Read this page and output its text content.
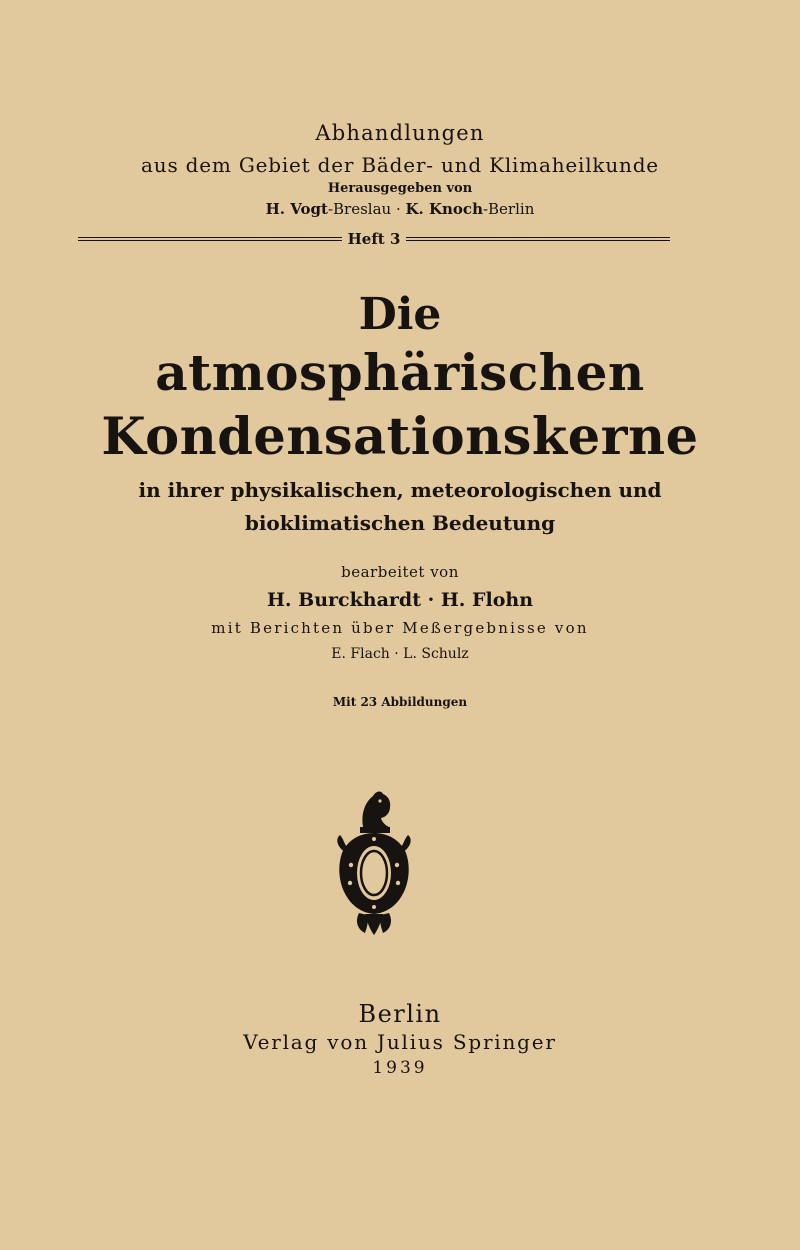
Abhandlungen
aus dem Gebiet der Bäder- und Klimaheilkunde
Herausgegeben von
H. Vogt-Breslau · K. Knoch-Berlin
Heft 3
Die
atmosphärischen
Kondensationskerne
in ihrer physikalischen, meteorologischen und
bioklimatischen Bedeutung
bearbeitet von
H. Burckhardt · H. Flohn
mit Berichten über Meßergebnisse von
E. Flach · L. Schulz
Mit 23 Abbildungen
Berlin
Verlag von Julius Springer
1939
